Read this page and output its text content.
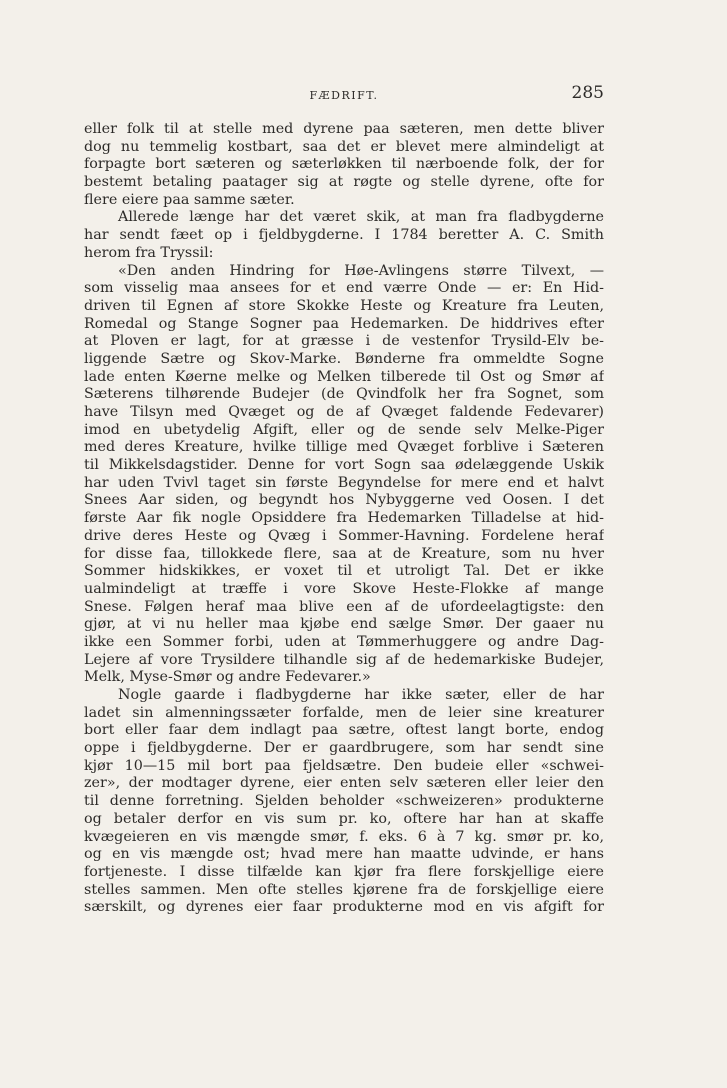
FÆDRIFT.	285
eller folk til at stelle med dyrene paa sæteren, men dette bliver
dog nu temmelig kostbart, saa det er blevet mere almindeligt at
forpagte bort sæteren og sæterløkken til nærboende folk, der for
bestemt betaling paatager sig at røgte og stelle dyrene, ofte for
flere eiere paa samme sæter.
Allerede længe har det været skik, at man fra fladbygderne
har sendt fæet op i fjeldbygderne. I 1784 beretter A. C. Smith
herom fra Tryssil:
«Den anden Hindring for Høe-Avlingens større Tilvext, —
som visselig maa ansees for et end værre Onde — er: En Hid-
driven til Egnen af store Skokke Heste og Kreature fra Leuten,
Romedal og Stange Sogner paa Hedemarken. De hiddrives efter
at Ploven er lagt, for at græsse i de vestenfor Trysild-Elv be-
liggende Sætre og Skov-Marke. Bønderne fra ommeldte Sogne
lade enten Køerne melke og Melken tilberede til Ost og Smør af
Sæterens tilhørende Budejer (de Qvindfolk her fra Sognet, som
have Tilsyn med Qvæget og de af Qvæget faldende Fedevarer)
imod en ubetydelig Afgift, eller og de sende selv Melke-Piger
med deres Kreature, hvilke tillige med Qvæget forblive i Sæteren
til Mikkelsdagstider. Denne for vort Sogn saa ødelæggende Uskik
har uden Tvivl taget sin første Begyndelse for mere end et halvt
Snees Aar siden, og begyndt hos Nybyggerne ved Oosen. I det
første Aar fik nogle Opsiddere fra Hedemarken Tilladelse at hid-
drive deres Heste og Qvæg i Sommer-Havning. Fordelene heraf
for disse faa, tillokkede flere, saa at de Kreature, som nu hver
Sommer hidskikkes, er voxet til et utroligt Tal. Det er ikke
ualmindeligt at træffe i vore Skove Heste-Flokke af mange
Snese. Følgen heraf maa blive een af de ufordeelagtigste: den
gjør, at vi nu heller maa kjøbe end sælge Smør. Der gaaer nu
ikke een Sommer forbi, uden at Tømmerhuggere og andre Dag-
Lejere af vore Trysildere tilhandle sig af de hedemarkiske Budejer,
Melk, Myse-Smør og andre Fedevarer.»
Nogle gaarde i fladbygderne har ikke sæter, eller de har
ladet sin almenningssæter forfalde, men de leier sine kreaturer
bort eller faar dem indlagt paa sætre, oftest langt borte, endog
oppe i fjeldbygderne. Der er gaardbrugere, som har sendt sine
kjør 10—15 mil bort paa fjeldsætre. Den budeie eller «schwei-
zer», der modtager dyrene, eier enten selv sæteren eller leier den
til denne forretning. Sjelden beholder «schweizeren» produkterne
og betaler derfor en vis sum pr. ko, oftere har han at skaffe
kvægeieren en vis mængde smør, f. eks. 6 à 7 kg. smør pr. ko,
og en vis mængde ost; hvad mere han maatte udvinde, er hans
fortjeneste. I disse tilfælde kan kjør fra flere forskjellige eiere
stelles sammen. Men ofte stelles kjørene fra de forskjellige eiere
særskilt, og dyrenes eier faar produkterne mod en vis afgift for
